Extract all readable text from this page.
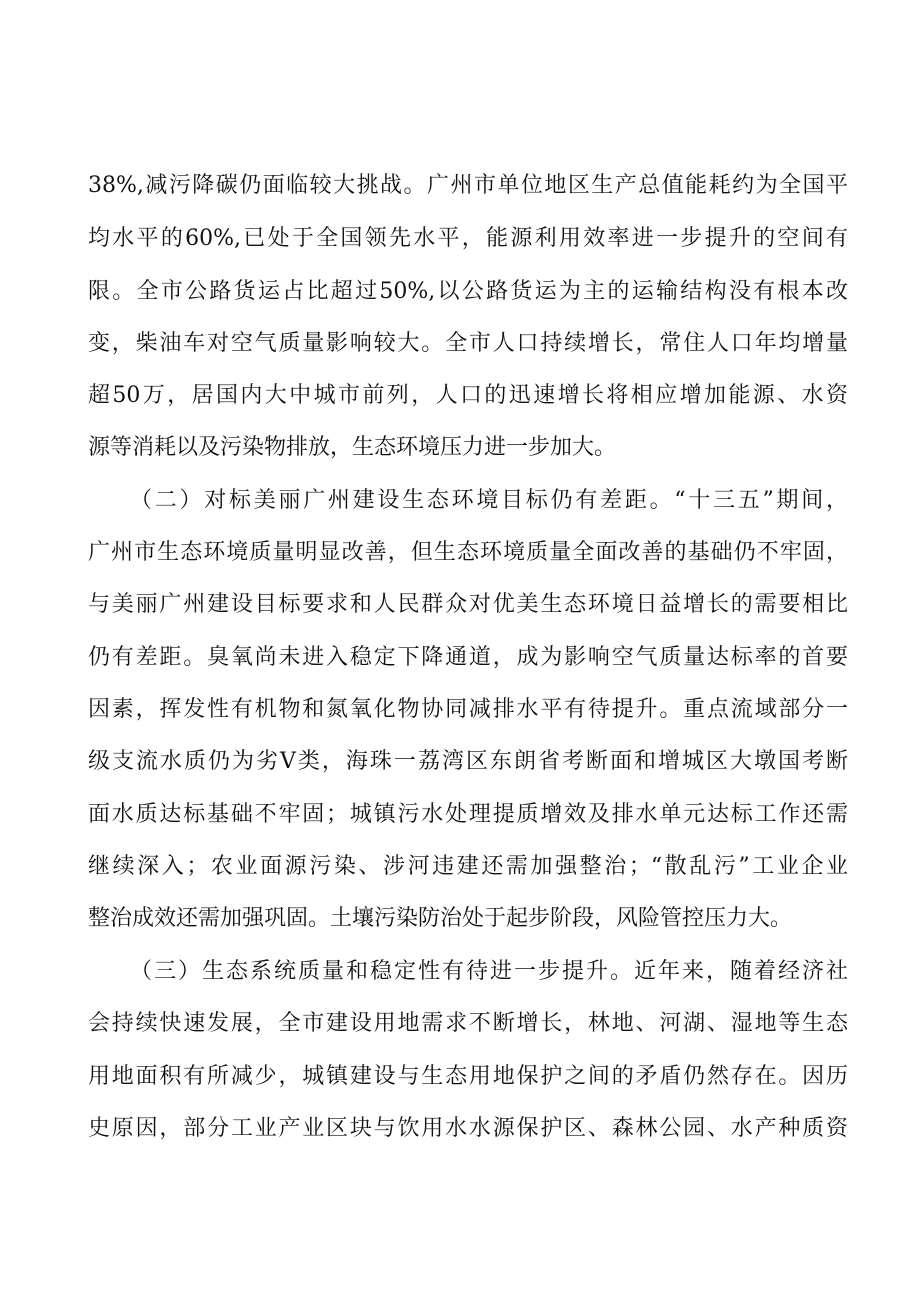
38%,减污降碳仍面临较大挑战。广州市单位地区生产总值能耗约为全国平
均水平的60%,已处于全国领先水平，能源利用效率进一步提升的空间有
限。全市公路货运占比超过50%,以公路货运为主的运输结构没有根本改
变，柴油车对空气质量影响较大。全市人口持续增长，常住人口年均增量
超50万，居国内大中城市前列，人口的迅速增长将相应增加能源、水资
源等消耗以及污染物排放，生态环境压力进一步加大。
（二）对标美丽广州建设生态环境目标仍有差距。“十三五”期间，
广州市生态环境质量明显改善，但生态环境质量全面改善的基础仍不牢固，
与美丽广州建设目标要求和人民群众对优美生态环境日益增长的需要相比
仍有差距。臭氧尚未进入稳定下降通道，成为影响空气质量达标率的首要
因素，挥发性有机物和氮氧化物协同减排水平有待提升。重点流域部分一
级支流水质仍为劣Ⅴ类，海珠一荔湾区东朗省考断面和增城区大墩国考断
面水质达标基础不牢固；城镇污水处理提质增效及排水单元达标工作还需
继续深入；农业面源污染、涉河违建还需加强整治；“散乱污”工业企业
整治成效还需加强巩固。土壤污染防治处于起步阶段，风险管控压力大。
（三）生态系统质量和稳定性有待进一步提升。近年来，随着经济社
会持续快速发展，全市建设用地需求不断增长，林地、河湖、湿地等生态
用地面积有所减少，城镇建设与生态用地保护之间的矛盾仍然存在。因历
史原因，部分工业产业区块与饮用水水源保护区、森林公园、水产种质资
